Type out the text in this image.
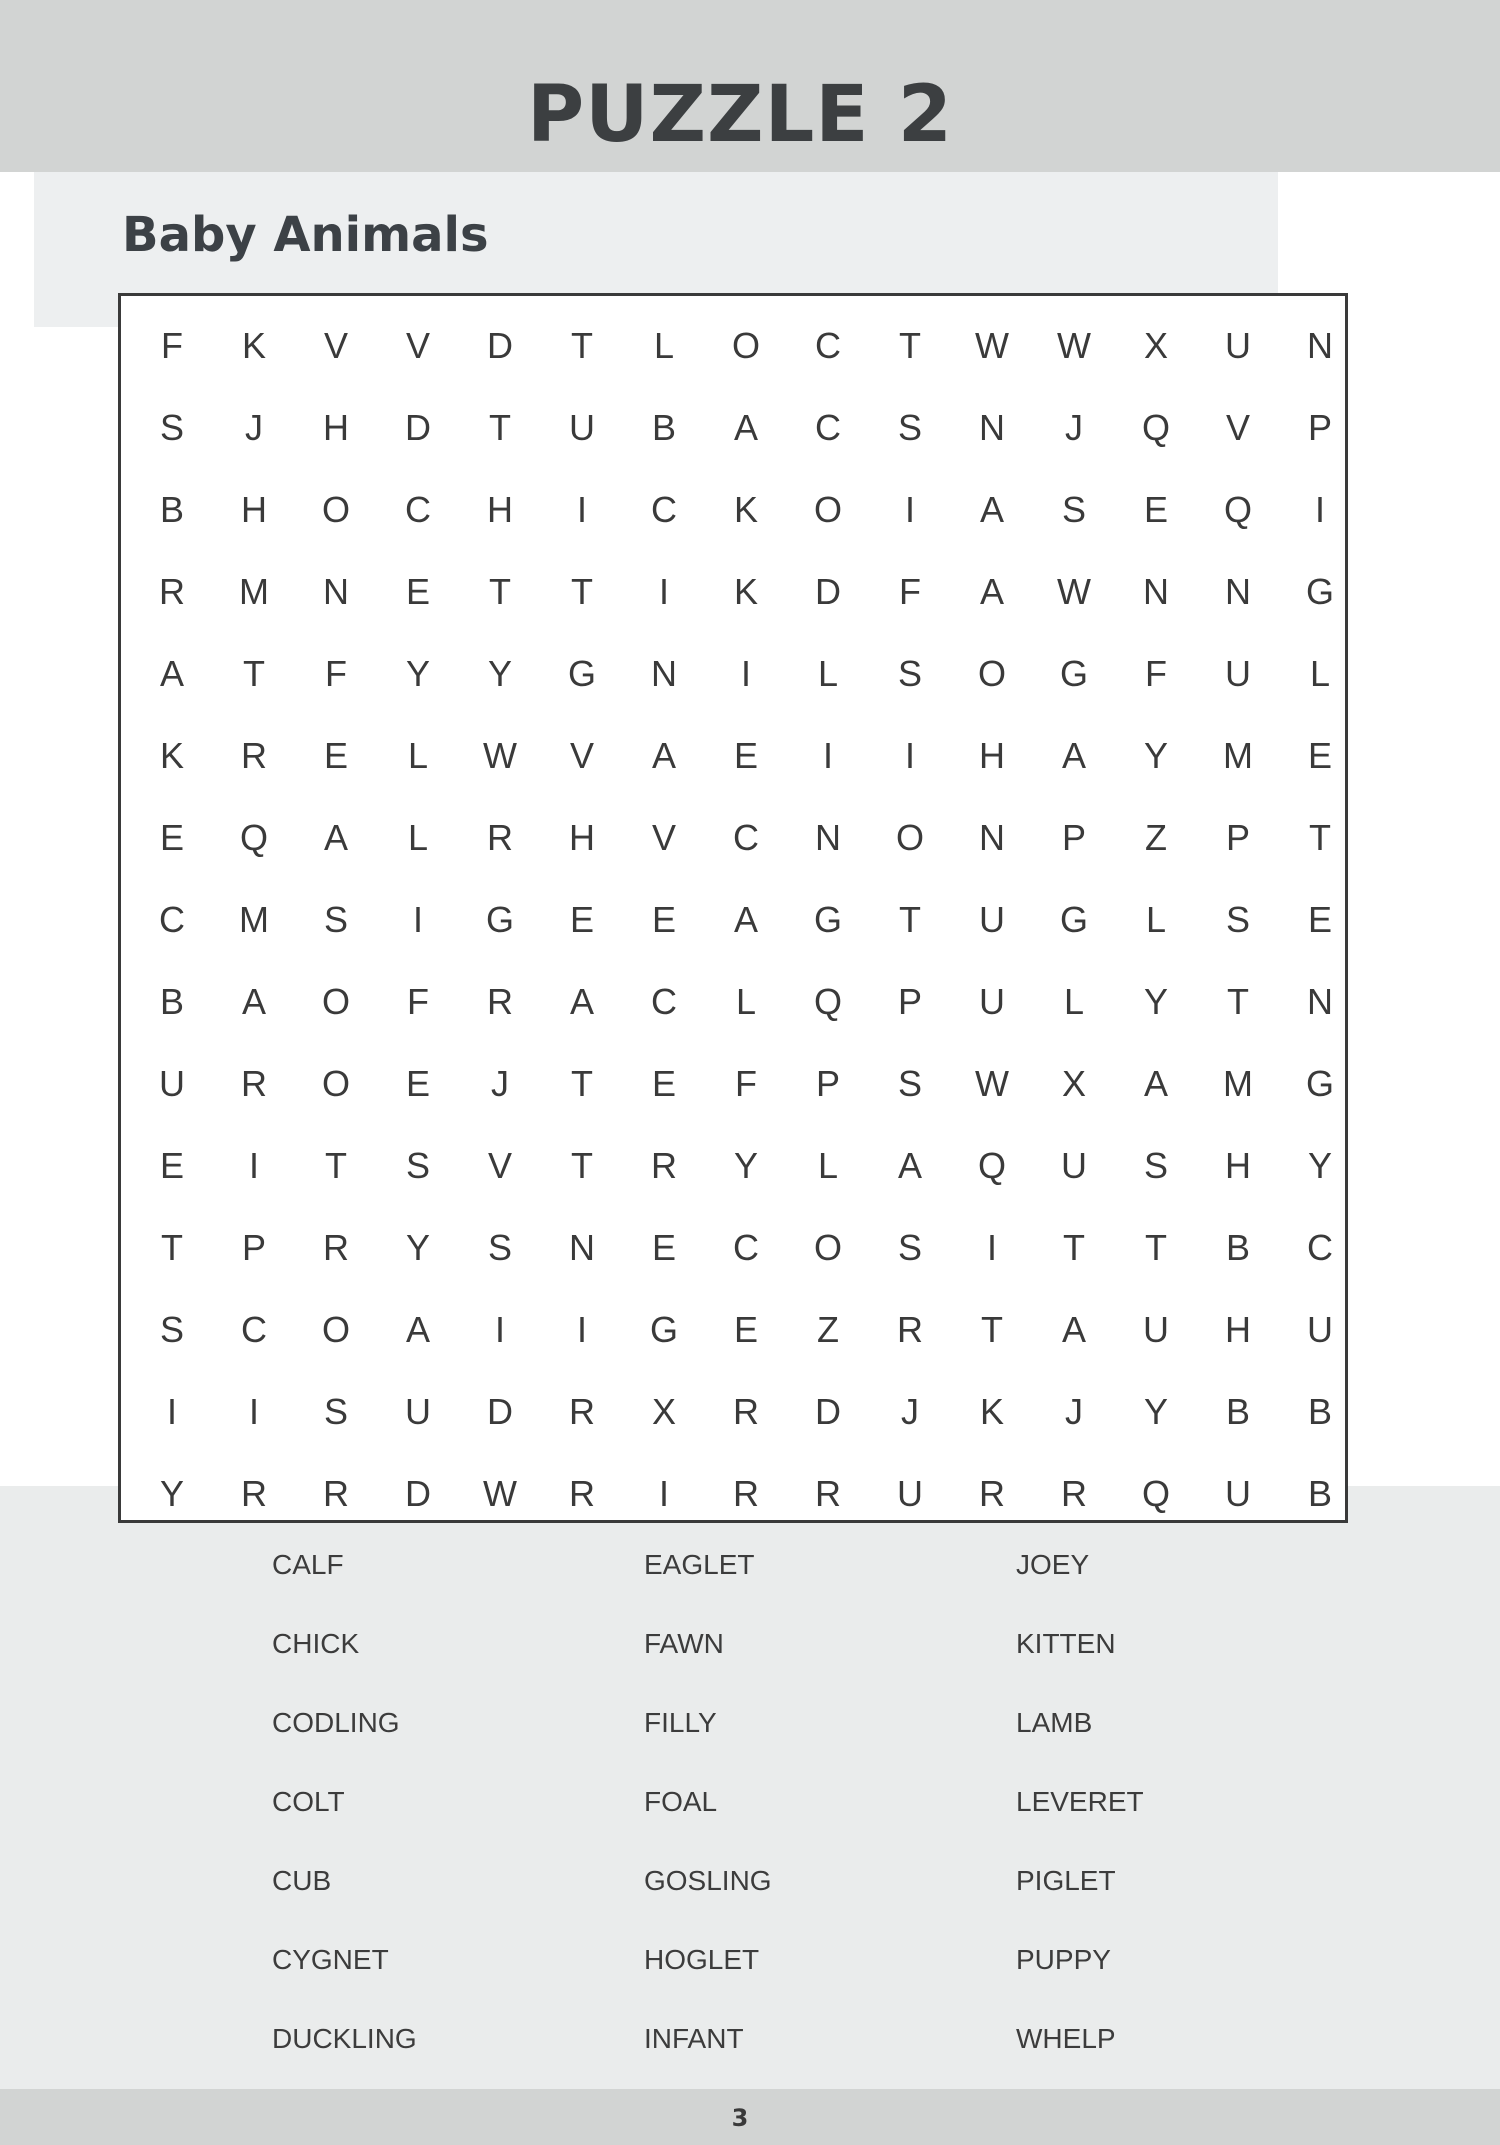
PUZZLE 2
Baby Animals
F	K	V	V	D	T	L	O	C	T	W	W	X	U	N
S	J	H	D	T	U	B	A	C	S	N	J	Q	V	P
B	H	O	C	H	I	C	K	O	I	A	S	E	Q	I
R	M	N	E	T	T	I	K	D	F	A	W	N	N	G
A	T	F	Y	Y	G	N	I	L	S	O	G	F	U	L
K	R	E	L	W	V	A	E	I	I	H	A	Y	M	E
E	Q	A	L	R	H	V	C	N	O	N	P	Z	P	T
C	M	S	I	G	E	E	A	G	T	U	G	L	S	E
B	A	O	F	R	A	C	L	Q	P	U	L	Y	T	N
U	R	O	E	J	T	E	F	P	S	W	X	A	M	G
E	I	T	S	V	T	R	Y	L	A	Q	U	S	H	Y
T	P	R	Y	S	N	E	C	O	S	I	T	T	B	C
S	C	O	A	I	I	G	E	Z	R	T	A	U	H	U
I	I	S	U	D	R	X	R	D	J	K	J	Y	B	B
Y	R	R	D	W	R	I	R	R	U	R	R	Q	U	B
CALF
CHICK
CODLING
COLT
CUB
CYGNET
DUCKLING
EAGLET
FAWN
FILLY
FOAL
GOSLING
HOGLET
INFANT
JOEY
KITTEN
LAMB
LEVERET
PIGLET
PUPPY
WHELP
3
